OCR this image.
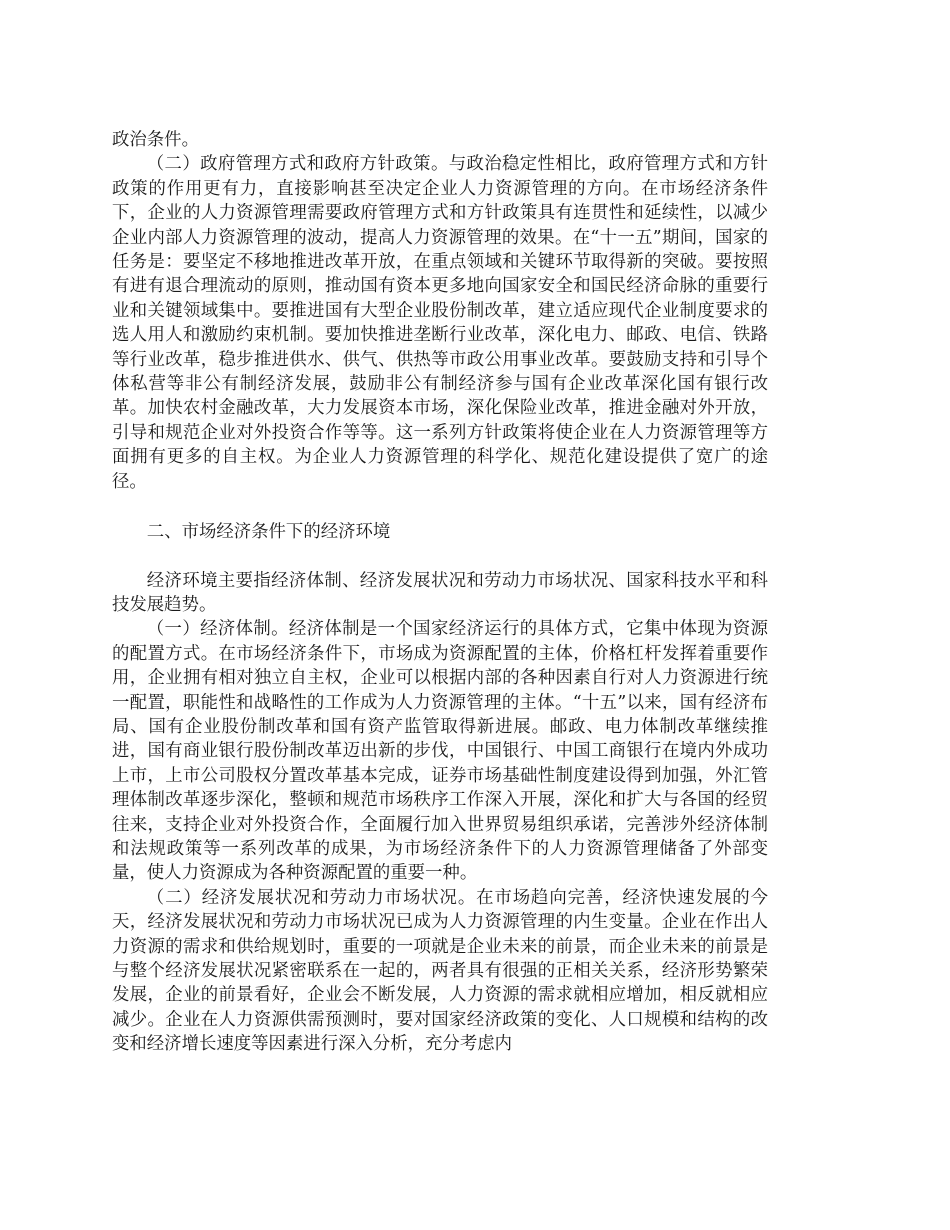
政治条件。

（二）政府管理方式和政府方针政策。与政治稳定性相比，政府管理方式和方针政策的作用更有力，直接影响甚至决定企业人力资源管理的方向。在市场经济条件下，企业的人力资源管理需要政府管理方式和方针政策具有连贯性和延续性，以减少企业内部人力资源管理的波动，提高人力资源管理的效果。在“十一五”期间，国家的任务是：要坚定不移地推进改革开放，在重点领域和关键环节取得新的突破。要按照有进有退合理流动的原则，推动国有资本更多地向国家安全和国民经济命脉的重要行业和关键领域集中。要推进国有大型企业股份制改革，建立适应现代企业制度要求的选人用人和激励约束机制。要加快推进垄断行业改革，深化电力、邮政、电信、铁路等行业改革，稳步推进供水、供气、供热等市政公用事业改革。要鼓励支持和引导个体私营等非公有制经济发展，鼓励非公有制经济参与国有企业改革深化国有银行改革。加快农村金融改革，大力发展资本市场，深化保险业改革，推进金融对外开放，引导和规范企业对外投资合作等等。这一系列方针政策将使企业在人力资源管理等方面拥有更多的自主权。为企业人力资源管理的科学化、规范化建设提供了宽广的途径。

二、市场经济条件下的经济环境

经济环境主要指经济体制、经济发展状况和劳动力市场状况、国家科技水平和科技发展趋势。

（一）经济体制。经济体制是一个国家经济运行的具体方式，它集中体现为资源的配置方式。在市场经济条件下，市场成为资源配置的主体，价格杠杆发挥着重要作用，企业拥有相对独立自主权，企业可以根据内部的各种因素自行对人力资源进行统一配置，职能性和战略性的工作成为人力资源管理的主体。“十五”以来，国有经济布局、国有企业股份制改革和国有资产监管取得新进展。邮政、电力体制改革继续推进，国有商业银行股份制改革迈出新的步伐，中国银行、中国工商银行在境内外成功上市，上市公司股权分置改革基本完成，证券市场基础性制度建设得到加强，外汇管理体制改革逐步深化，整顿和规范市场秩序工作深入开展，深化和扩大与各国的经贸往来，支持企业对外投资合作，全面履行加入世界贸易组织承诺，完善涉外经济体制和法规政策等一系列改革的成果，为市场经济条件下的人力资源管理储备了外部变量，使人力资源成为各种资源配置的重要一种。

（二）经济发展状况和劳动力市场状况。在市场趋向完善，经济快速发展的今天，经济发展状况和劳动力市场状况已成为人力资源管理的内生变量。企业在作出人力资源的需求和供给规划时，重要的一项就是企业未来的前景，而企业未来的前景是与整个经济发展状况紧密联系在一起的，两者具有很强的正相关关系，经济形势繁荣发展，企业的前景看好，企业会不断发展，人力资源的需求就相应增加，相反就相应减少。企业在人力资源供需预测时，要对国家经济政策的变化、人口规模和结构的改变和经济增长速度等因素进行深入分析，充分考虑内
